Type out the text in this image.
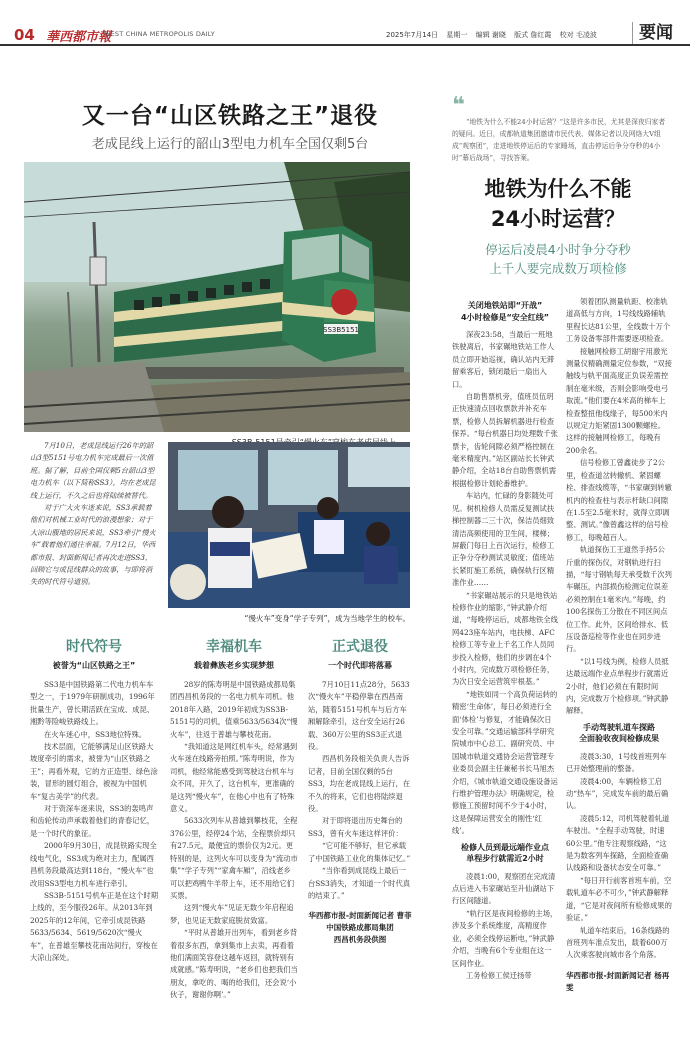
04 華西都市報
WEST CHINA METROPOLIS DAILY	2025年7月14日 星期一 编辑 谢晓 版式 詹红霞 校对 毛凌波	要闻
又一台“山区铁路之王”退役
老成昆线上运行的韶山3型电力机车全国仅剩5台
SS3B5151

7月10日，老成昆线运行26年的韶山3型5151号电力机车完成最后一次值班。据了解，目前全国仅剩5台韶山3型电力机车（以下简称SS3），均在老成昆线上运行，不久之后也将陆续被替代。

对于广大火车迷来说，SS3承载着他们对机械工业时代的浪漫想象；对于大凉山腹地的居民来说，SS3牵引“慢火车”载着他们通往幸福。7月12日，华西都市报、封面新闻记者再次走进SS3，回顾它与成昆线群众的故事，与即将消失的时代符号道别。

“慢火车”变身“学子专列”，成为当地学生的校车。
时代符号
被誉为“山区铁路之王”

SS3是中国铁路第二代电力机车车型之一，于1979年研制成功，1996年批量生产，曾长期活跃在宝成、成昆、湘黔等险峻铁路线上。

在火车迷心中，SS3地位特殊。

技术层面，它能够满足山区铁路大坡度牵引的需求，被誉为“山区铁路之王”；再看外观，它的方正造型、绿色涂装，冒形的圆灯组合，被视为中国机车“复古美学”的代表。

对于资深车迷来说，SS3的轰鸣声和齿轮传动声承载着他们的青春记忆，是一个时代的象征。

2000年9月30日，成昆铁路实现全线电气化，SS3成为绝对主力，配属西昌机务段最高达到118台，“慢火车”也改用SS3型电力机车进行牵引。

SS3B-5151号机车正是在这个时期上线的，至今服役26年。从2013年到2025年的12年间，它牵引成昆铁路5633/5634、5619/5620次“慢火车”，在普雄至攀枝花南站间行，穿梭在大凉山深处。

幸福机车
载着彝族老乡实现梦想

28岁的陈寿明是中国铁路成都局集团西昌机务段的一名电力机车司机。他2018年入路，2019年初成为SS3B-5151号的司机，值乘5633/5634次“慢火车”，往返于普雄与攀枝花南。

“我知道这是网红机车头，经常遇到火车迷在线路旁拍照。”陈寿明说，作为司机，他经常能感受到驾驶这台机车与众不同，开久了，这台机车，更准确的是这列“慢火车”，在他心中也有了特殊意义。

5633次列车从普雄到攀枝花，全程376公里，经停24个站，全程票价却只有27.5元，最便宜的票价仅为2元。更特别的是，这列火车可以变身为“流动市集”“学子专列”“家禽车厢”，沿线老乡可以把鸡鸭牛羊带上车，还不用给它们买票。

这列“慢火车”见证无数少年启程追梦，也见证无数家庭脱贫致富。

“平时从普雄开出列车，看到老乡背着很多东西，拿到集市上去卖，再看着他们满面笑容登这越车返回，就特别有成就感。”陈寿明说，“老乡们也把我们当朋友，拿吃的、喝的给我们，还会说‘小伙子，谢谢你啊’。”

正式退役
一个时代即将落幕

7月10日11点28分，5633次“慢火车”平稳停靠在西昌南站，随着5151号机车与后方车厢解除牵引，这台安全运行26载、360万公里的SS3正式退役。

西昌机务段相关负责人告诉记者，目前全国仅剩的5台SS3，均在老成昆线上运行，在不久的将来，它们也将陆续退役。

对于即将退出历史舞台的SS3，曾有火车迷这样评价：

“它可能不够好，但它承载了中国铁路工业化的集体记忆。”

“当你看到成昆线上最后一台SS3消失，才知道一个时代真的结束了。”

华西都市报-封面新闻记者 曹菲
中国铁路成都局集团
西昌机务段供图
❝
“地铁为什么不能24小时运营？”这是许多市民，尤其是深夜归家者的疑问。近日，成都轨道集团邀请市民代表、媒体记者以及网络大V组成“观察团”，走进地铁停运后的专家睡场，直击停运后争分夺秒的4小时“幕后战场”，寻找答案。
地铁为什么不能
24小时运营？
停运后凌晨4小时争分夺秒
上千人要完成数万项检修
关闭地铁站即“开战”
4小时检修是“安全红线”

深夜23:58，当最后一班地铁驶离后，书家碾地铁站工作人员立即开始巡视，确认站内无滞留乘客后，锁闭最后一扇出入口。

自助售票机旁，值班员伍玥正快速清点回收票款并补充车票，检修人员拆解机器进行检查保养。“每台机器日均处理数千张票卡，齿轮间隙必须严格控制在毫米精度内。”站区副站长长钟武静介绍，全站18台自助售票机需根据检修计划轮番维护。

车站内，忙碌的身影随处可见。树机检修人员需反复测试扶梯控制器二三十次，保洁员细致清洁高频使用的卫生间，楼梯；屏蔽门每日上百次运行，检修工正争分夺秒测试灵敏度；值班站长紧盯施工系统，确保轨行区精准作业……

“书家碾站展示的只是地铁站检修作业的缩影，”钟武静介绍道，“每晚停运后，成都地铁全线网423座车站内，电扶梯、AFC检修工等专业上千名工作人员同步投入检修，他们的步调在4个小时内，完成数万项检修任务，为次日安全运营筑牢根基。”

“地铁如同一个高负荷运转的精密‘生命体’，每日必须进行全面‘体检’与修复，才能确保次日安全可靠。”交通运输部科学研究院城市中心总工、副研究员、中国城市轨道交通协会运营管理专业委员会副主任兼秘书长马旭杰介绍，《城市轨道交通设施设备运行维护管理办法》明确规定，检修施工预留时间不少于4小时，这是保障运营安全的刚性‘红线’。

检修人员到最远端作业点
单程步行就需近2小时

凌晨1:00，观察团在完成清点后进入韦家碾站至升仙湖站下行区间隧道。

“轨行区是夜间检修的主场，涉及多个系统维度，高精度作业，必须全线停运断电，”钟武静介绍，当晚有6个专业组在这一区间作业。

工务检修工侯迁扬带

领着团队测量轨距、校准轨道高低与方向，1号线线路辅轨里程长达81公里，全线数十万个工务设备零部件需要逐项检查。

接触网检修工胡谢宇用激光测量仪精确测量定位参数，“双接触线与轨平面高度正负误差需控制在毫米级，否则会影响受电弓取流。”他们要在4米高的梯车上检查整扭他线缘子，每500米内以规定力矩紧固1300颗螺栓。这样的接触网检修工，每晚有200余名。

信号检修工曾鑫徒步了2公里，检查道岔转辙机、紧固螺栓、排查线缆等，“书家碾到转辙机内的检查柱与表示杆缺口间隙在1.5至2.5毫米时，就得立即调整、测试。”像曾鑫这样的信号检修工，每晚超百人。

轨道探伤工王道然手持5公斤重的探伤仪，对钢轨进行扫描，“每寸钢轨每天承受数千次列车碾压，内部损伤检测定位误差必须控制在1毫米内。”每晚，约100名探伤工分散在不同区间点位工作。此外，区间给排水、低压设备巡检等作业也在同步进行。

“以1号线为例，检修人员抵达最远端作业点单程步行就需近2小时，他们必须在有限时间内，完成数万个检修项。”钟武静解释。

手动驾驶轧道车探路
全面验收夜间检修成果

凌晨3:30，1号线首班列车已开始整理前的整备。

凌晨4:00，车辆检修工启动“热车”，完成发车前的最后确认。

凌晨5:12，司机驾驶着轧道车驶出。“全程手动驾驶，时速60公里。”他专注观察线路，“这是为数客列车探路，全面检查确认线路和设备状态安全可靠。”

“每日开行前客首班车前，空载轧道车必不可少，”钟武静解释道，“它是对夜间所有检修成果的验证。”

轧道车结束后，16条线路的首班列车准点发出，载着600万人次乘客驶向城市各个角落。

华西都市报-封面新闻记者 杨再雯
